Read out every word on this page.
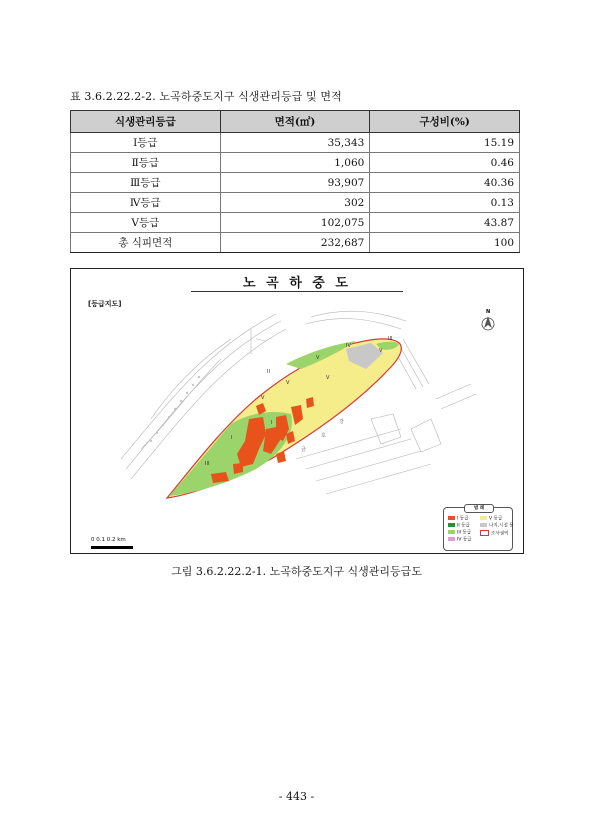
표 3.6.2.22.2-2. 노곡하중도지구 식생관리등급 및 면적
식생관리등급	면적(㎡)	구성비(%)
Ⅰ등급	35,343	15.19
Ⅱ등급	1,060	0.46
Ⅲ등급	93,907	40.36
Ⅳ등급	302	0.13
Ⅴ등급	102,075	43.87
총 식피면적	232,687	100
노 곡 하 중 도
[등급지도]
I
I
II
III
IV
V
V
V
V
V
III
금
호
강
N
범 례
I 등급	V 등급
II 등급	나지,시설 등
III 등급	조사권역
IV 등급
0 0.1 0.2 km
그림 3.6.2.22.2-1. 노곡하중도지구 식생관리등급도
- 443 -
